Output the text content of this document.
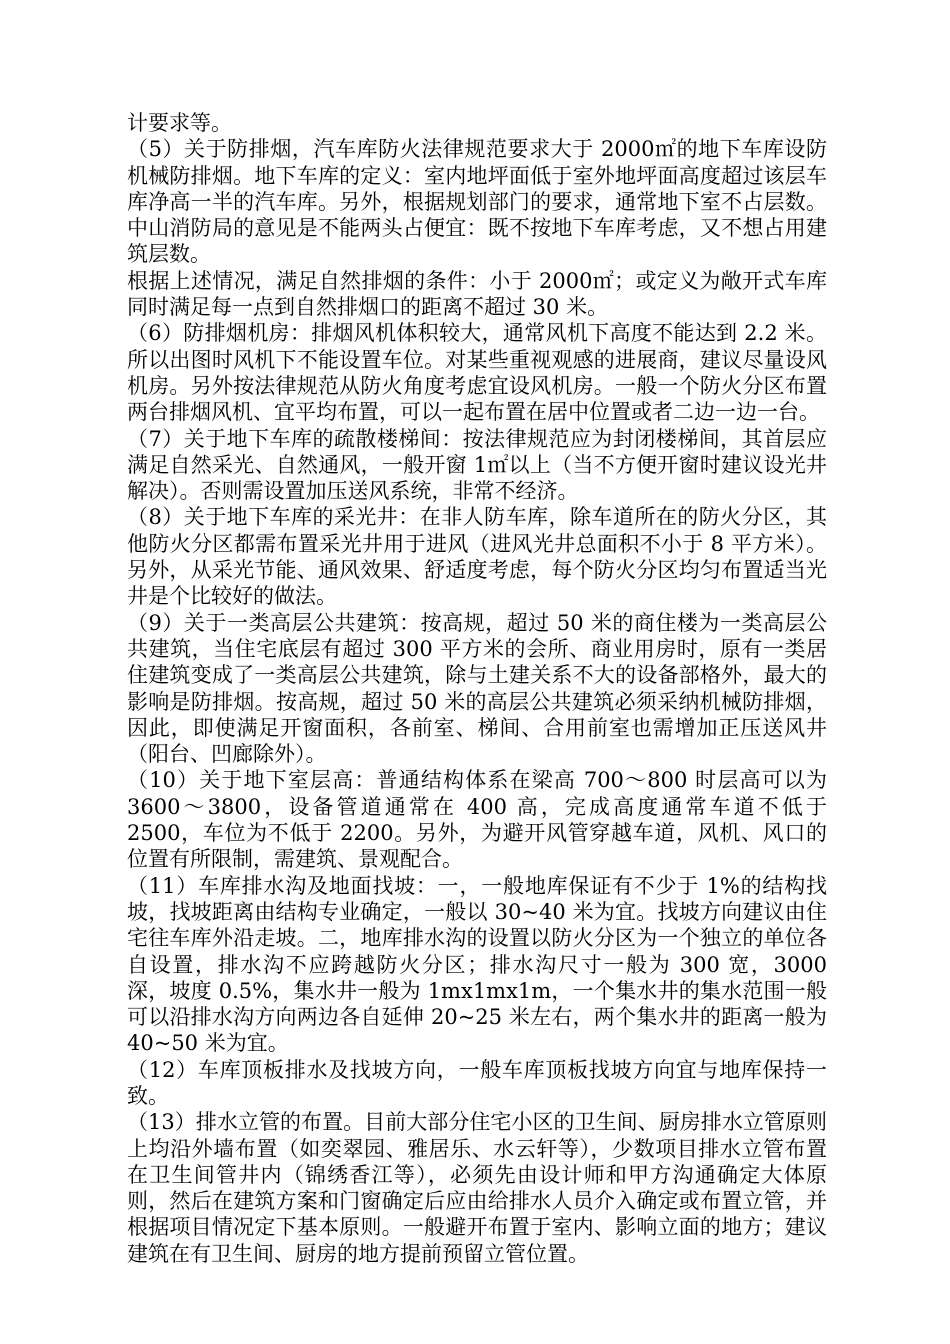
计要求等。

（5）关于防排烟，汽车库防火法律规范要求大于 2000㎡的地下车库设防机械防排烟。地下车库的定义：室内地坪面低于室外地坪面高度超过该层车库净高一半的汽车库。另外，根据规划部门的要求，通常地下室不占层数。中山消防局的意见是不能两头占便宜：既不按地下车库考虑，又不想占用建筑层数。

根据上述情况，满足自然排烟的条件：小于 2000㎡；或定义为敞开式车库同时满足每一点到自然排烟口的距离不超过 30 米。

（6）防排烟机房：排烟风机体积较大，通常风机下高度不能达到 2.2 米。所以出图时风机下不能设置车位。对某些重视观感的进展商，建议尽量设风机房。另外按法律规范从防火角度考虑宜设风机房。一般一个防火分区布置两台排烟风机、宜平均布置，可以一起布置在居中位置或者二边一边一台。

（7）关于地下车库的疏散楼梯间：按法律规范应为封闭楼梯间，其首层应满足自然采光、自然通风，一般开窗 1㎡以上（当不方便开窗时建议设光井解决）。否则需设置加压送风系统，非常不经济。

（8）关于地下车库的采光井：在非人防车库，除车道所在的防火分区，其他防火分区都需布置采光井用于进风（进风光井总面积不小于 8 平方米）。另外，从采光节能、通风效果、舒适度考虑，每个防火分区均匀布置适当光井是个比较好的做法。

（9）关于一类高层公共建筑：按高规，超过 50 米的商住楼为一类高层公共建筑，当住宅底层有超过 300 平方米的会所、商业用房时，原有一类居住建筑变成了一类高层公共建筑，除与土建关系不大的设备部格外，最大的影响是防排烟。按高规，超过 50 米的高层公共建筑必须采纳机械防排烟，因此，即使满足开窗面积，各前室、梯间、合用前室也需增加正压送风井（阳台、凹廊除外）。

（10）关于地下室层高：普通结构体系在梁高 700～800 时层高可以为 3600～3800，设备管道通常在 400 高，完成高度通常车道不低于 2500，车位为不低于 2200。另外，为避开风管穿越车道，风机、风口的位置有所限制，需建筑、景观配合。

（11）车库排水沟及地面找坡：一，一般地库保证有不少于 1%的结构找坡，找坡距离由结构专业确定，一般以 30~40 米为宜。找坡方向建议由住宅往车库外沿走坡。二，地库排水沟的设置以防火分区为一个独立的单位各自设置，排水沟不应跨越防火分区；排水沟尺寸一般为 300 宽，3000 深，坡度 0.5%，集水井一般为 1mx1mx1m，一个集水井的集水范围一般可以沿排水沟方向两边各自延伸 20~25 米左右，两个集水井的距离一般为 40~50 米为宜。

（12）车库顶板排水及找坡方向，一般车库顶板找坡方向宜与地库保持一致。

（13）排水立管的布置。目前大部分住宅小区的卫生间、厨房排水立管原则上均沿外墙布置（如奕翠园、雅居乐、水云轩等），少数项目排水立管布置在卫生间管井内（锦绣香江等），必须先由设计师和甲方沟通确定大体原则，然后在建筑方案和门窗确定后应由给排水人员介入确定或布置立管，并根据项目情况定下基本原则。一般避开布置于室内、影响立面的地方；建议建筑在有卫生间、厨房的地方提前预留立管位置。
